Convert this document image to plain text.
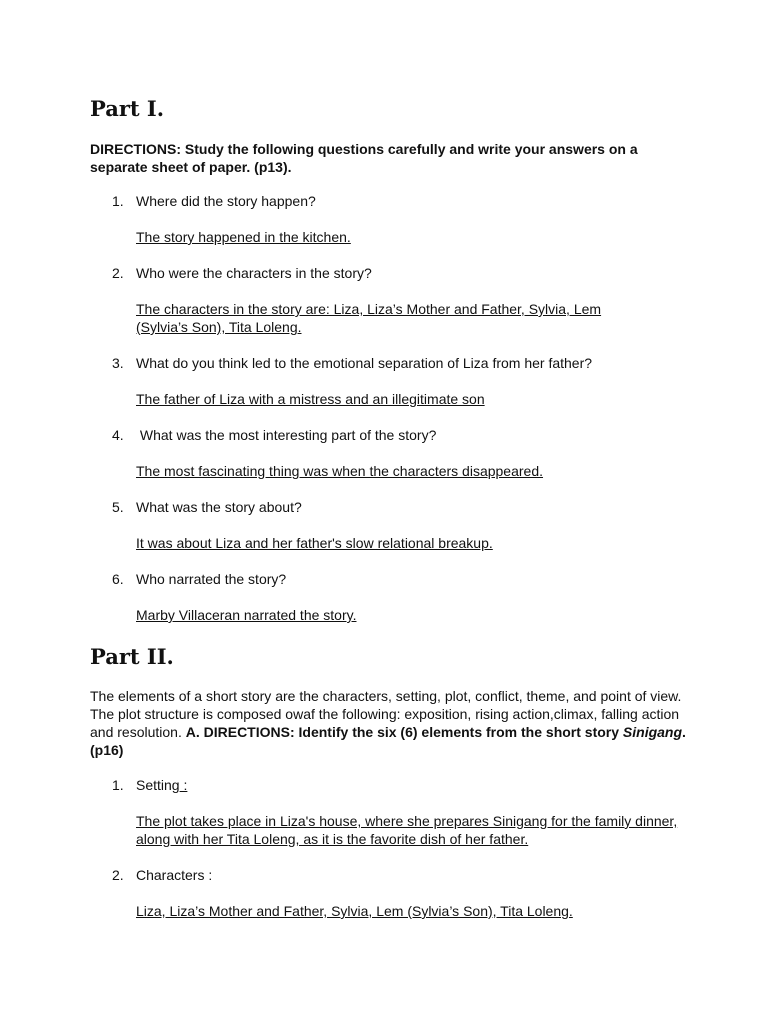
Part I.
DIRECTIONS: Study the following questions carefully and write your answers on a separate sheet of paper. (p13).
1. Where did the story happen?
The story happened in the kitchen.
2. Who were the characters in the story?
The characters in the story are: Liza, Liza’s Mother and Father, Sylvia, Lem (Sylvia’s Son), Tita Loleng.
3. What do you think led to the emotional separation of Liza from her father?
The father of Liza with a mistress and an illegitimate son
4. What was the most interesting part of the story?
The most fascinating thing was when the characters disappeared.
5. What was the story about?
It was about Liza and her father's slow relational breakup.
6. Who narrated the story?
Marby Villaceran narrated the story.
Part II.
The elements of a short story are the characters, setting, plot, conflict, theme, and point of view. The plot structure is composed owaf the following: exposition, rising action,climax, falling action and resolution. A. DIRECTIONS: Identify the six (6) elements from the short story Sinigang. (p16)
1. Setting :
The plot takes place in Liza's house, where she prepares Sinigang for the family dinner, along with her Tita Loleng, as it is the favorite dish of her father.
2. Characters :
Liza, Liza’s Mother and Father, Sylvia, Lem (Sylvia’s Son), Tita Loleng.
